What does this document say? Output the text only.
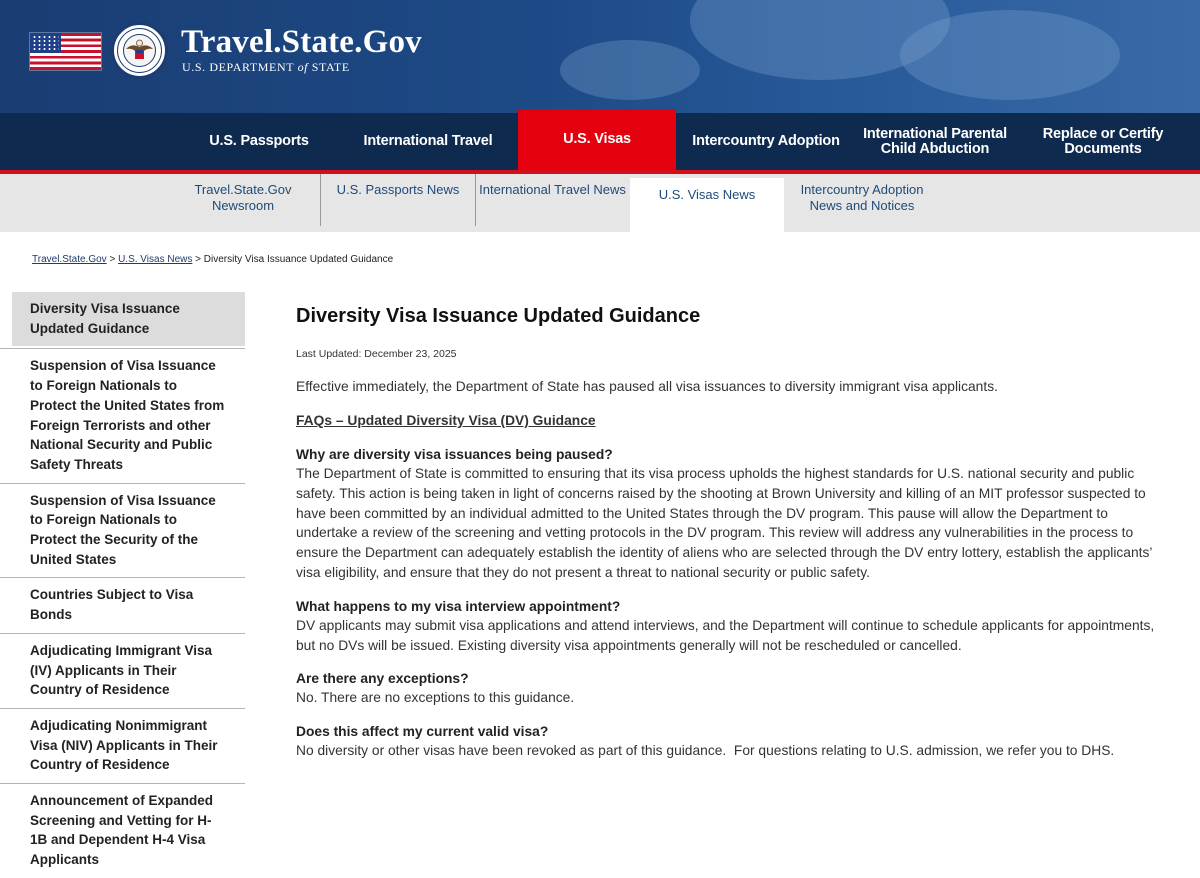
Travel.State.Gov
U.S. DEPARTMENT of STATE
U.S. Passports	International Travel	U.S. Visas	Intercountry Adoption International Parental
Child Abduction
Replace or Certify
Documents
Travel.State.Gov
Newsroom
U.S. Passports News International Travel News	U.S. Visas News	Intercountry Adoption
News and Notices
Travel.State.Gov > U.S. Visas News > Diversity Visa Issuance Updated Guidance
Diversity Visa Issuance Updated Guidance
Suspension of Visa Issuance to Foreign Nationals to Protect the United States from Foreign Terrorists and other National Security and Public Safety Threats
Suspension of Visa Issuance to Foreign Nationals to Protect the Security of the United States
Countries Subject to Visa Bonds
Adjudicating Immigrant Visa (IV) Applicants in Their Country of Residence
Adjudicating Nonimmigrant Visa (NIV) Applicants in Their Country of Residence
Announcement of Expanded Screening and Vetting for H-1B and Dependent H-4 Visa Applicants
Diversity Visa Issuance Updated Guidance
Last Updated: December 23, 2025
Effective immediately, the Department of State has paused all visa issuances to diversity immigrant visa applicants.
FAQs – Updated Diversity Visa (DV) Guidance
Why are diversity visa issuances being paused?
The Department of State is committed to ensuring that its visa process upholds the highest standards for U.S. national security and public safety. This action is being taken in light of concerns raised by the shooting at Brown University and killing of an MIT professor suspected to have been committed by an individual admitted to the United States through the DV program. This pause will allow the Department to undertake a review of the screening and vetting protocols in the DV program. This review will address any vulnerabilities in the process to ensure the Department can adequately establish the identity of aliens who are selected through the DV entry lottery, establish the applicants’ visa eligibility, and ensure that they do not present a threat to national security or public safety.
What happens to my visa interview appointment?
DV applicants may submit visa applications and attend interviews, and the Department will continue to schedule applicants for appointments, but no DVs will be issued. Existing diversity visa appointments generally will not be rescheduled or cancelled.
Are there any exceptions?
No. There are no exceptions to this guidance.
Does this affect my current valid visa?
No diversity or other visas have been revoked as part of this guidance.  For questions relating to U.S. admission, we refer you to DHS.
